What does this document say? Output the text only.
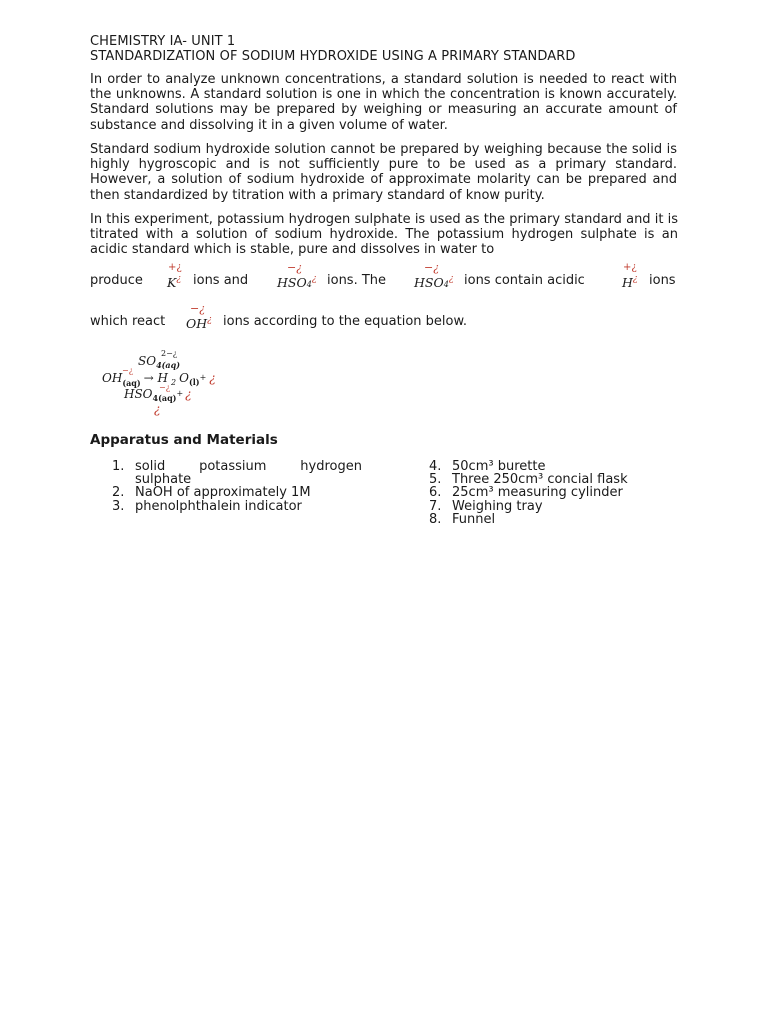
CHEMISTRY IA- UNIT 1
STANDARDIZATION OF SODIUM HYDROXIDE USING A PRIMARY STANDARD

In order to analyze unknown concentrations, a standard solution is needed to react with the unknowns. A standard solution is one in which the concentration is known accurately. Standard solutions may be prepared by weighing or measuring an accurate amount of substance and dissolving it in a given volume of water.

Standard sodium hydroxide solution cannot be prepared by weighing because the solid is highly hygroscopic and is not sufficiently pure to be used as a primary standard. However, a solution of sodium hydroxide of approximate molarity can be prepared and then standardized by titration with a primary standard of know purity.

In this experiment, potassium hydrogen sulphate is used as the primary standard and it is titrated with a solution of sodium hydroxide. The potassium hydrogen sulphate is an acidic standard which is stable, pure and dissolves in water to

produce K¿
+¿
ions and HSO4¿
−¿
ions. The HSO4¿
−¿
ions contain acidic	H¿
+¿
ions
which react OH¿
−¿
ions according to the equation below.
$SO_{4(aq)}$
2−¿
$OH_{(aq)} \to H$ $_2$ $O_{(l)}+$ ¿
−¿
$HSO_{4(aq)}+$ ¿
−¿
¿
Apparatus and Materials
1. solid	potassium	hydrogen
sulphate
2. NaOH of approximately 1M
3. phenolphthalein indicator
4. 50cm³ burette
5. Three 250cm³ concial flask
6. 25cm³ measuring cylinder
7. Weighing tray
8. Funnel
